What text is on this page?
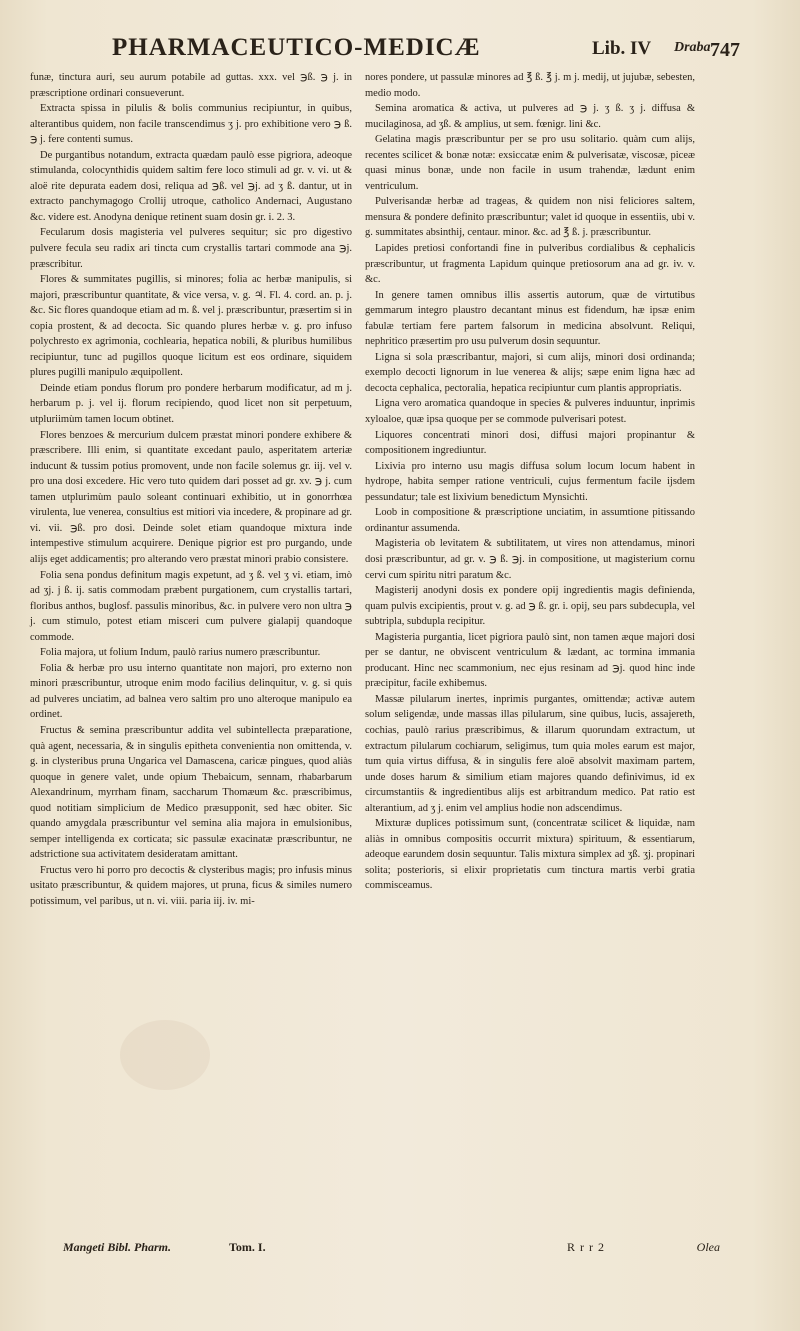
PHARMACEUTICO-MEDICÆ	Lib. IV Draba 747

funæ, tinctura auri, seu aurum potabile ad guttas. xxx. vel ℈ß. ℈ j. in præscriptione ordinari consueverunt.

Extracta spissa in pilulis & bolis communius recipiuntur, in quibus, alterantibus quidem, non facile transcendimus ʒ j. pro exhibitione vero ℈ ß. ℈ j. fere contenti sumus.

De purgantibus notandum, extracta quædam paulò esse pigriora, adeoque stimulanda, colocynthidis quidem saltim fere loco stimuli ad gr. v. vi. ut & aloë rite depurata eadem dosi, reliqua ad ℈ß. vel ℈j. ad ʒ ß. dantur, ut in extracto panchymagogo Crollij utroque, catholico Andernaci, Augustano &c. videre est. Anodyna denique retinent suam dosin gr. i. 2. 3.

Fecularum dosis magisteria vel pulveres sequitur; sic pro digestivo pulvere fecula seu radix ari tincta cum crystallis tartari commode ana ℈j. præscribitur.

Flores & summitates pugillis, si minores; folia ac herbæ manipulis, si majori, præscribuntur quantitate, & vice versa, v. g. ♃. Fl. 4. cord. an. p. j. &c. Sic flores quandoque etiam ad m. ß. vel j. præscribuntur, præsertim si in copia prostent, & ad decocta. Sic quando plures herbæ v. g. pro infuso polychresto ex agrimonia, cochlearia, hepatica nobili, & pluribus humilibus recipiuntur, tunc ad pugillos quoque licitum est eos ordinare, siquidem plures pugilli manipulo æquipollent.

Deinde etiam pondus florum pro pondere herbarum modificatur, ad m j. herbarum p. j. vel ij. florum recipiendo, quod licet non sit perpetuum, utpluriimùm tamen locum obtinet.

Flores benzoes & mercurium dulcem præstat minori pondere exhibere & præscribere. Illi enim, si quantitate excedant paulo, asperitatem arteriæ inducunt & tussim potius promovent, unde non facile solemus gr. iij. vel v. pro una dosi excedere. Hic vero tuto quidem dari posset ad gr. xv. ℈ j. cum tamen utplurimùm paulo soleant continuari exhibitio, ut in gonorrhœa virulenta, lue venerea, consultius est mitiori via incedere, & propinare ad gr. vi. vii. ℈ß. pro dosi. Deinde solet etiam quandoque mixtura inde intempestive stimulum acquirere. Denique pigrior est pro purgando, unde alijs eget addicamentis; pro alterando vero præstat minori prabio consistere.

Folia sena pondus definitum magis expetunt, ad ʒ ß. vel ʒ vi. etiam, imò ad ʒj. j ß. ij. satis commodam præbent purgationem, cum crystallis tartari, floribus anthos, buglosf. passulis minoribus, &c. in pulvere vero non ultra ℈ j. cum stimulo, potest etiam misceri cum pulvere gialapij quandoque commode.

Folia majora, ut folium Indum, paulò rarius numero præscribuntur.

Folia & herbæ pro usu interno quantitate non majori, pro externo non minori præscribuntur, utroque enim modo facilius delinquitur, v. g. si quis ad pulveres unciatim, ad balnea vero saltim pro uno alteroque manipulo ea ordinet.

Fructus & semina præscribuntur addita vel subintellecta præparatione, quà agent, necessaria, & in singulis epitheta convenientia non omittenda, v. g. in clysteribus pruna Ungarica vel Damascena, caricæ pingues, quod aliàs quoque in genere valet, unde opium Thebaicum, sennam, rhabarbarum Alexandrinum, myrrham finam, saccharum Thomæum &c. præscribimus, quod notitiam simplicium de Medico præsupponit, sed hæc obiter. Sic quando amygdala præscribuntur vel semina alia majora in emulsionibus, semper intelligenda ex corticata; sic passulæ exacinatæ præscribuntur, ne adstrictione sua activitatem desideratam amittant.

Fructus vero hi porro pro decoctis & clysteribus magis; pro infusis minus usitato præscribuntur, & quidem majores, ut pruna, ficus & similes numero potissimum, vel paribus, ut n. vi. viii. paria iij. iv. mi-

nores pondere, ut passulæ minores ad ℥ ß. ℥ j. m j. medij, ut jujubæ, sebesten, medio modo.

Semina aromatica & activa, ut pulveres ad ℈ j. ʒ ß. ʒ j. diffusa & mucilaginosa, ad ʒß. & amplius, ut sem. fœnigr. lini &c.

Gelatina magis præscribuntur per se pro usu solitario. quàm cum alijs, recentes scilicet & bonæ notæ: exsiccatæ enim & pulverisatæ, viscosæ, piceæ quasi minus bonæ, unde non facile in usum trahendæ, lædunt enim ventriculum.

Pulverisandæ herbæ ad trageas, & quidem non nisi feliciores saltem, mensura & pondere definito præscribuntur; valet id quoque in essentiis, ubi v. g. summitates absinthij, centaur. minor. &c. ad ℥ ß. j. præscribuntur.

Lapides pretiosi confortandi fine in pulveribus cordialibus & cephalicis præscribuntur, ut fragmenta Lapidum quinque pretiosorum ana ad gr. iv. v. &c.

In genere tamen omnibus illis assertis autorum, quæ de virtutibus gemmarum integro plaustro decantant minus est fidendum, hæ ipsæ enim fabulæ tertiam fere partem falsorum in medicina absolvunt. Reliqui, nephritico præsertim pro usu pulverum dosin sequuntur.

Ligna si sola præscribantur, majori, si cum alijs, minori dosi ordinanda; exemplo decocti lignorum in lue venerea & alijs; sæpe enim ligna hæc ad decocta cephalica, pectoralia, hepatica recipiuntur cum plantis appropriatis.

Ligna vero aromatica quandoque in species & pulveres induuntur, inprimis xyloaloe, quæ ipsa quoque per se commode pulverisari potest.

Liquores concentrati minori dosi, diffusi majori propinantur & compositionem ingrediuntur.

Lixivia pro interno usu magis diffusa solum locum locum habent in hydrope, habita semper ratione ventriculi, cujus fermentum facile ijsdem pessundatur; tale est lixivium benedictum Mynsichti.

Loob in compositione & præscriptione unciatim, in assumtione pitissando ordinantur assumenda.

Magisteria ob levitatem & subtilitatem, ut vires non attendamus, minori dosi præscribuntur, ad gr. v. ℈ ß. ℈j. in compositione, ut magisterium cornu cervi cum spiritu nitri paratum &c.

Magisterij anodyni dosis ex pondere opij ingredientis magis definienda, quam pulvis excipientis, prout v. g. ad ℈ ß. gr. i. opij, seu pars subdecupla, vel subtripla, subdupla recipitur.

Magisteria purgantia, licet pigriora paulò sint, non tamen æque majori dosi per se dantur, ne obviscent ventriculum & lædant, ac tormina immania producant. Hinc nec scammonium, nec ejus resinam ad ℈j. quod hinc inde præcipitur, facile exhibemus.

Massæ pilularum inertes, inprimis purgantes, omittendæ; activæ autem solum seligendæ, unde massas illas pilularum, sine quibus, lucis, assajereth, cochias, paulò rarius præscribimus, & illarum quorundam extractum, ut extractum pilularum cochiarum, seligimus, tum quia moles earum est major, tum quia virtus diffusa, & in singulis fere aloë absolvit maximam partem, unde doses harum & similium etiam majores quando definivimus, id ex circumstantiis & ingredientibus alijs est arbitrandum medico. Pat ratio est alterantium, ad ʒ j. enim vel amplius hodie non adscendimus.

Mixturæ duplices potissimum sunt, (concentratæ scilicet & liquidæ, nam aliàs in omnibus compositis occurrit mixtura) spirituum, & essentiarum, adeoque earundem dosin sequuntur. Talis mixtura simplex ad ʒß. ʒj. propinari solita; posterioris, si elixir proprietatis cum tinctura martis verbi gratia commisceamus.

Mangeti Bibl. Pharm.	Tom. I.	R r r 2	Olea
